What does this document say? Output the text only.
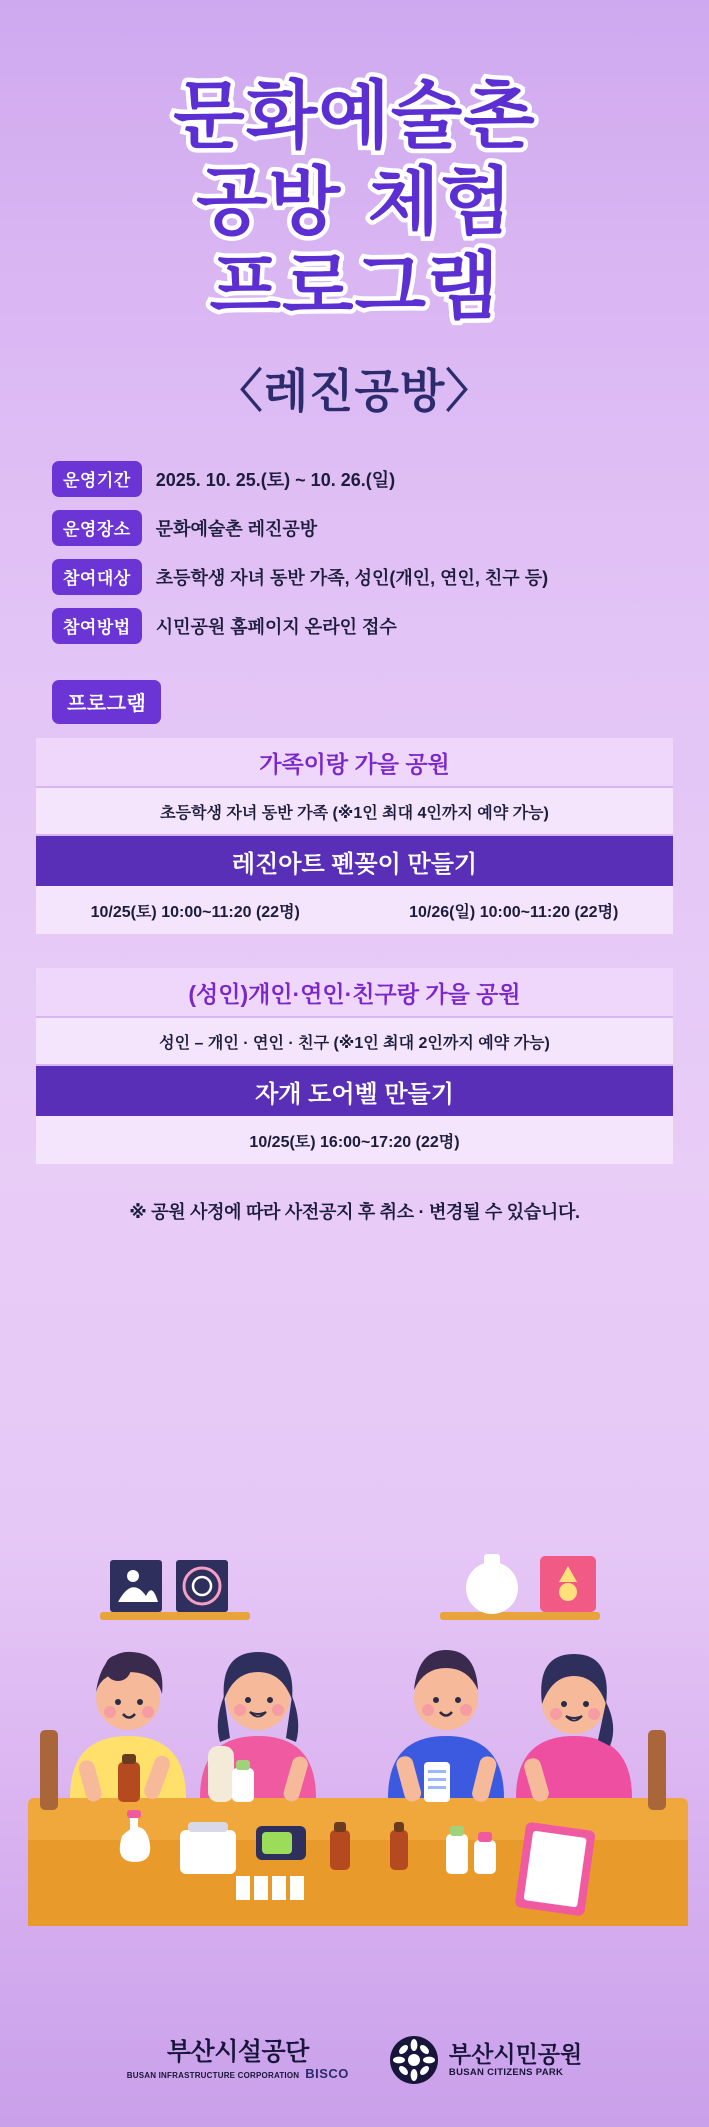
문화예술촌
공방 체험
프로그램
〈레진공방〉
운영기간	2025. 10. 25.(토) ~ 10. 26.(일)
운영장소	문화예술촌 레진공방
참여대상	초등학생 자녀 동반 가족, 성인(개인, 연인, 친구 등)
참여방법	시민공원 홈페이지 온라인 접수
프로그램
가족이랑 가을 공원
초등학생 자녀 동반 가족 (※1인 최대 4인까지 예약 가능)
레진아트 펜꽂이 만들기
10/25(토) 10:00~11:20 (22명)	10/26(일) 10:00~11:20 (22명)
(성인)개인·연인·친구랑 가을 공원
성인 – 개인 · 연인 · 친구 (※1인 최대 2인까지 예약 가능)
자개 도어벨 만들기
10/25(토) 16:00~17:20 (22명)
※ 공원 사정에 따라 사전공지 후 취소 · 변경될 수 있습니다.
부산시설공단
BUSAN INFRASTRUCTURE CORPORATION BISCO
부산시민공원
BUSAN CITIZENS PARK
